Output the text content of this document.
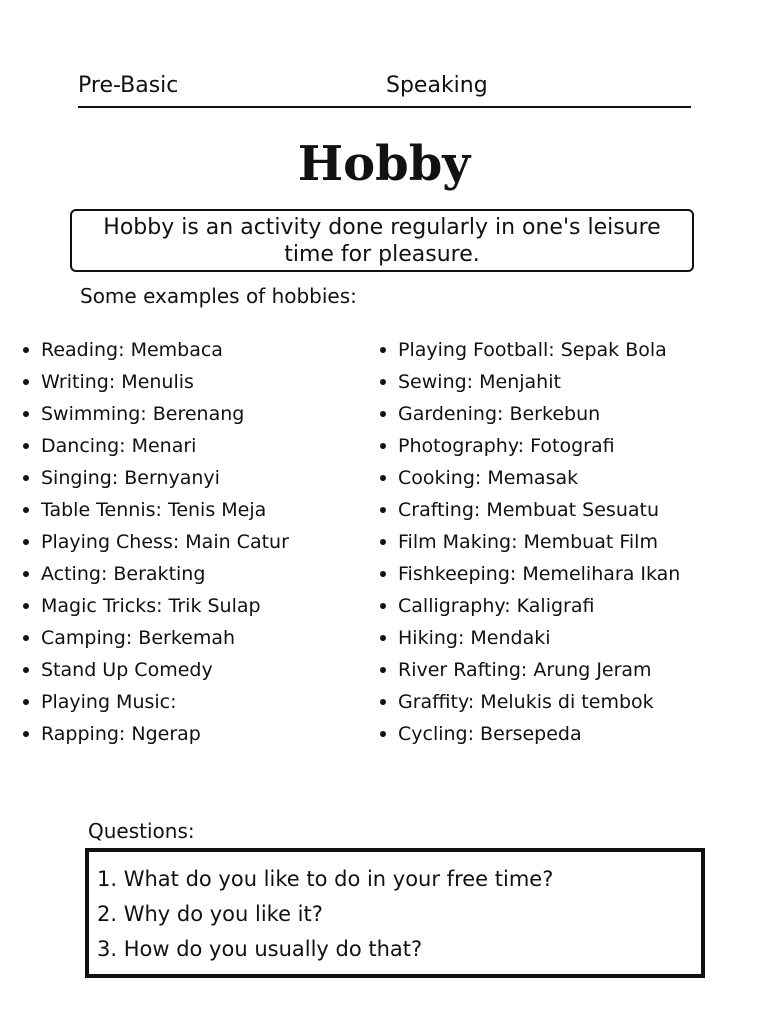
Pre-Basic	Speaking
Hobby
Hobby is an activity done regularly in one's leisure time for pleasure.
Some examples of hobbies:
Reading: Membaca
Writing: Menulis
Swimming: Berenang
Dancing: Menari
Singing: Bernyanyi
Table Tennis: Tenis Meja
Playing Chess: Main Catur
Acting: Berakting
Magic Tricks: Trik Sulap
Camping: Berkemah
Stand Up Comedy
Playing Music:
Rapping: Ngerap
Playing Football: Sepak Bola
Sewing: Menjahit
Gardening: Berkebun
Photography: Fotografi
Cooking: Memasak
Crafting: Membuat Sesuatu
Film Making: Membuat Film
Fishkeeping: Memelihara Ikan
Calligraphy: Kaligrafi
Hiking: Mendaki
River Rafting: Arung Jeram
Graffity: Melukis di tembok
Cycling: Bersepeda
Questions:
1. What do you like to do in your free time?
2. Why do you like it?
3. How do you usually do that?
